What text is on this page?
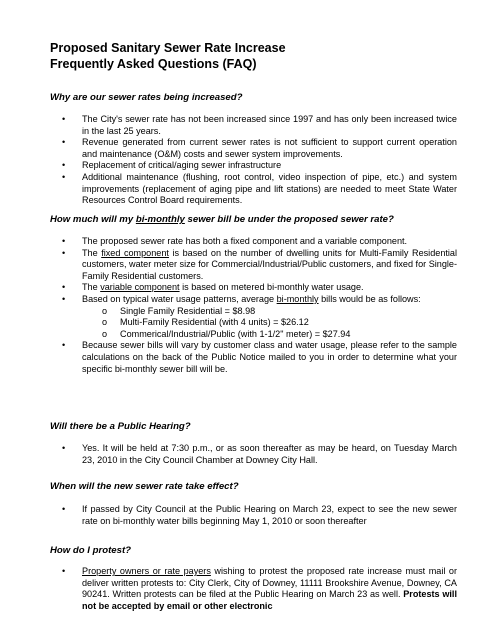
Proposed Sanitary Sewer Rate Increase
Frequently Asked Questions (FAQ)
Why are our sewer rates being increased?
• The City's sewer rate has not been increased since 1997 and has only been increased twice in the last 25 years.
• Revenue generated from current sewer rates is not sufficient to support current operation and maintenance (O&M) costs and sewer system improvements.
• Replacement of critical/aging sewer infrastructure
• Additional maintenance (flushing, root control, video inspection of pipe, etc.) and system improvements (replacement of aging pipe and lift stations) are needed to meet State Water Resources Control Board requirements.
How much will my bi-monthly sewer bill be under the proposed sewer rate?
• The proposed sewer rate has both a fixed component and a variable component.
• The fixed component is based on the number of dwelling units for Multi-Family Residential customers, water meter size for Commercial/Industrial/Public customers, and fixed for Single-Family Residential customers.
• The variable component is based on metered bi-monthly water usage.
• Based on typical water usage patterns, average bi-monthly bills would be as follows:
o Single Family Residential = $8.98
o Multi-Family Residential (with 4 units) = $26.12
o Commerical/Industrial/Public (with 1-1/2" meter) = $27.94
• Because sewer bills will vary by customer class and water usage, please refer to the sample calculations on the back of the Public Notice mailed to you in order to determine what your specific bi-monthly sewer bill will be.
Will there be a Public Hearing?
• Yes. It will be held at 7:30 p.m., or as soon thereafter as may be heard, on Tuesday March 23, 2010 in the City Council Chamber at Downey City Hall.
When will the new sewer rate take effect?
• If passed by City Council at the Public Hearing on March 23, expect to see the new sewer rate on bi-monthly water bills beginning May 1, 2010 or soon thereafter
How do I protest?
• Property owners or rate payers wishing to protest the proposed rate increase must mail or deliver written protests to: City Clerk, City of Downey, 11111 Brookshire Avenue, Downey, CA 90241. Written protests can be filed at the Public Hearing on March 23 as well. Protests will not be accepted by email or other electronic
